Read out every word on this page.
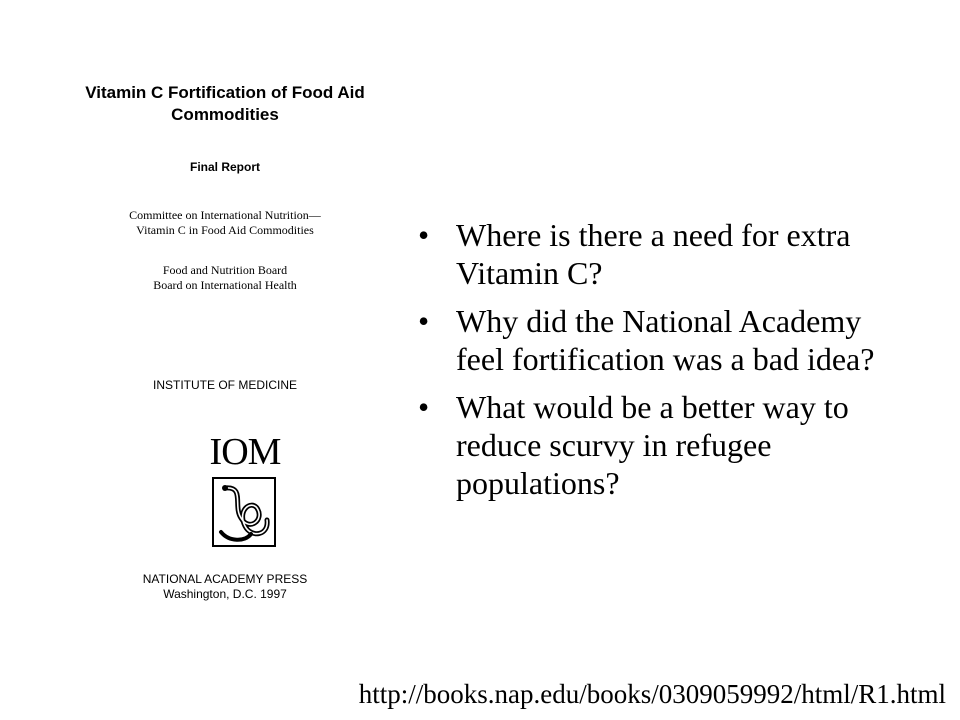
Vitamin C Fortification of Food Aid
Commodities

Final Report

Committee on International Nutrition—
Vitamin C in Food Aid Commodities

Food and Nutrition Board
Board on International Health

INSTITUTE OF MEDICINE

IOM

NATIONAL ACADEMY PRESS
Washington, D.C. 1997

• Where is there a need for extra Vitamin C?
• Why did the National Academy feel fortification was a bad idea?
• What would be a better way to reduce scurvy in refugee populations?
http://books.nap.edu/books/0309059992/html/R1.html
